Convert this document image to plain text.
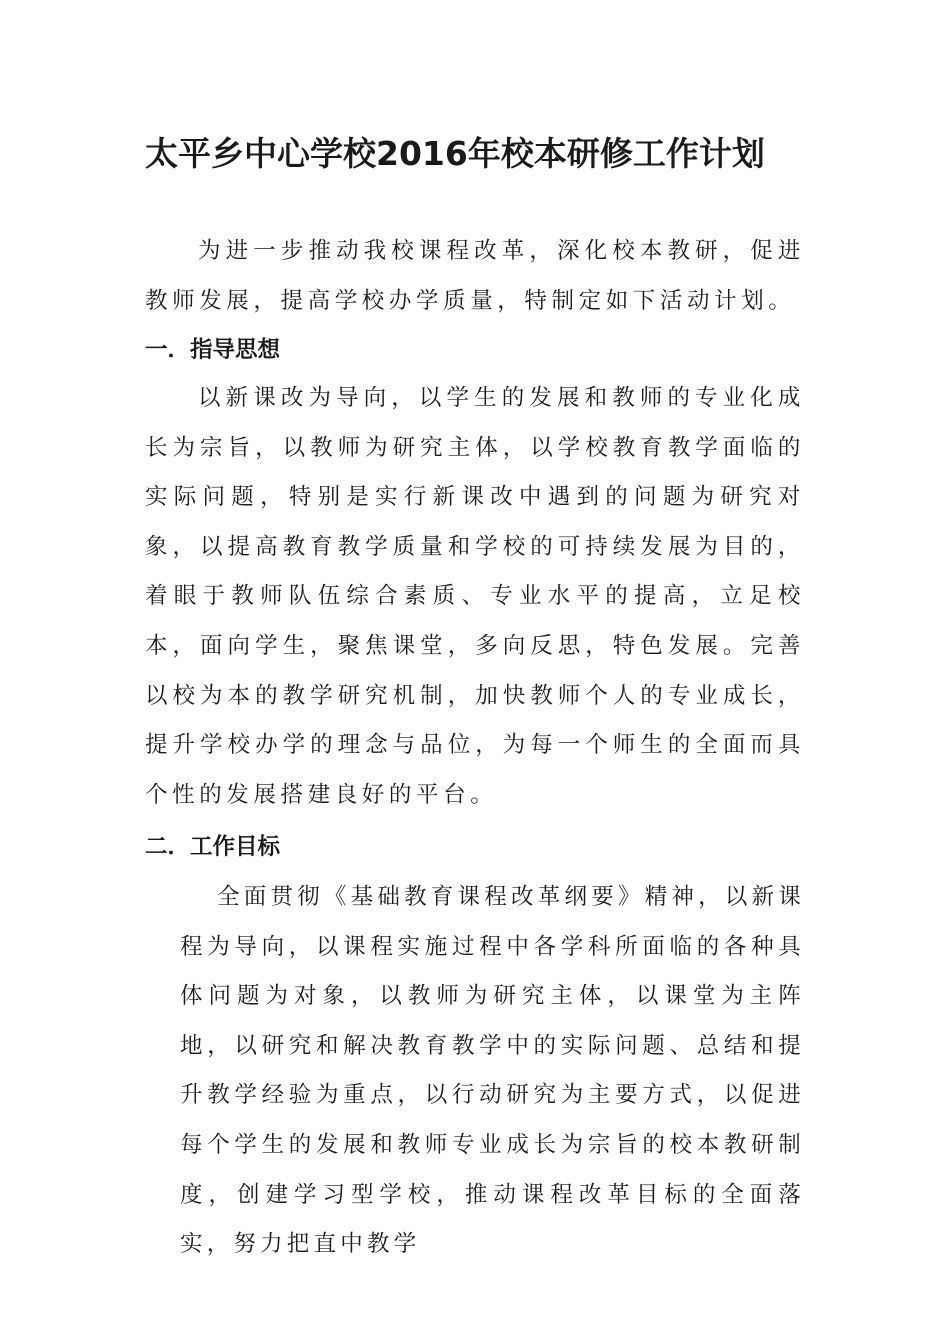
太平乡中心学校2016年校本研修工作计划
为进一步推动我校课程改革，深化校本教研，促进教师发展，提高学校办学质量，特制定如下活动计划。
一．指导思想
以新课改为导向，以学生的发展和教师的专业化成长为宗旨，以教师为研究主体，以学校教育教学面临的实际问题，特别是实行新课改中遇到的问题为研究对象，以提高教育教学质量和学校的可持续发展为目的，着眼于教师队伍综合素质、专业水平的提高，立足校本，面向学生，聚焦课堂，多向反思，特色发展。完善以校为本的教学研究机制，加快教师个人的专业成长，提升学校办学的理念与品位，为每一个师生的全面而具个性的发展搭建良好的平台。
二．工作目标
全面贯彻《基础教育课程改革纲要》精神，以新课程为导向，以课程实施过程中各学科所面临的各种具体问题为对象，以教师为研究主体，以课堂为主阵地，以研究和解决教育教学中的实际问题、总结和提升教学经验为重点，以行动研究为主要方式，以促进每个学生的发展和教师专业成长为宗旨的校本教研制度，创建学习型学校，推动课程改革目标的全面落实，努力把直中教学
